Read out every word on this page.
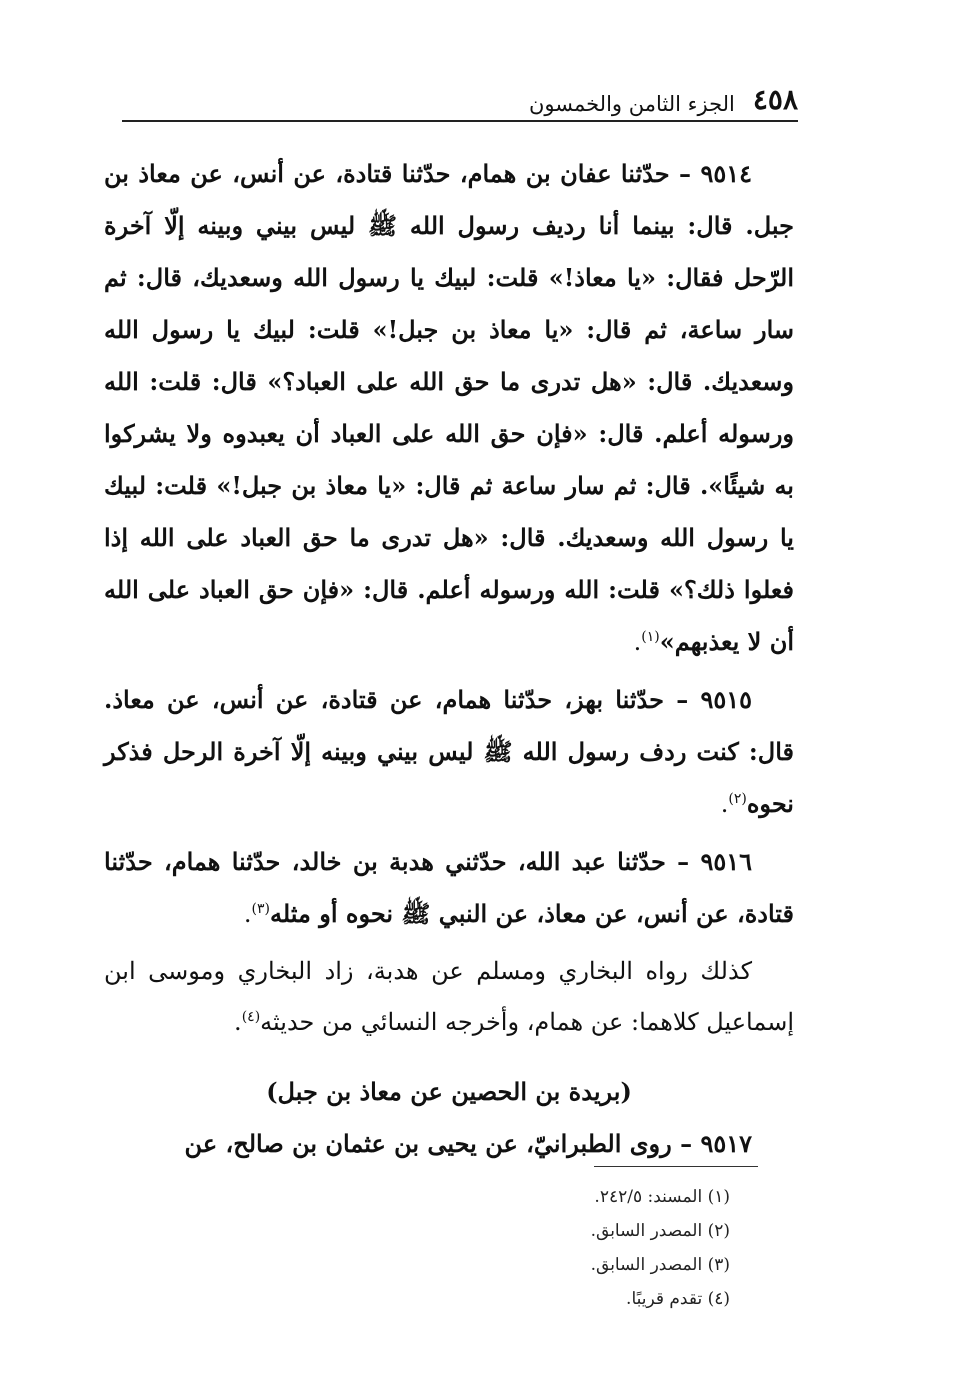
٤٥٨
الجزء الثامن والخمسون

٩٥١٤ – حدّثنا عفان بن همام، حدّثنا قتادة، عن أنس، عن معاذ بن جبل. قال: بينما أنا رديف رسول الله ﷺ ليس بيني وبينه إلّا آخرة الرّحل فقال: «يا معاذ!» قلت: لبيك يا رسول الله وسعديك، قال: ثم سار ساعة، ثم قال: «يا معاذ بن جبل!» قلت: لبيك يا رسول الله وسعديك. قال: «هل تدرى ما حق الله على العباد؟» قال: قلت: الله ورسوله أعلم. قال: «فإن حق الله على العباد أن يعبدوه ولا يشركوا به شيئًا». قال: ثم سار ساعة ثم قال: «يا معاذ بن جبل!» قلت: لبيك يا رسول الله وسعديك. قال: «هل تدرى ما حق العباد على الله إذا فعلوا ذلك؟» قلت: الله ورسوله أعلم. قال: «فإن حق العباد على الله أن لا يعذبهم»$^{(١)}$.

٩٥١٥ – حدّثنا بهز، حدّثنا همام، عن قتادة، عن أنس، عن معاذ. قال: كنت ردف رسول الله ﷺ ليس بيني وبينه إلّا آخرة الرحل فذكر نحوه$^{(٢)}$.

٩٥١٦ – حدّثنا عبد الله، حدّثني هدبة بن خالد، حدّثنا همام، حدّثنا قتادة، عن أنس، عن معاذ، عن النبي ﷺ نحوه أو مثله$^{(٣)}$.

كذلك رواه البخاري ومسلم عن هدبة، زاد البخاري وموسى ابن إسماعيل كلاهما: عن همام، وأخرجه النسائي من حديثه$^{(٤)}$.

(بريدة بن الحصين عن معاذ بن جبل)

٩٥١٧ – روى الطبرانيّ، عن يحيى بن عثمان بن صالح، عن

(١) المسند: ٢٤٢/٥.
(٢) المصدر السابق.
(٣) المصدر السابق.
(٤) تقدم قريبًا.
